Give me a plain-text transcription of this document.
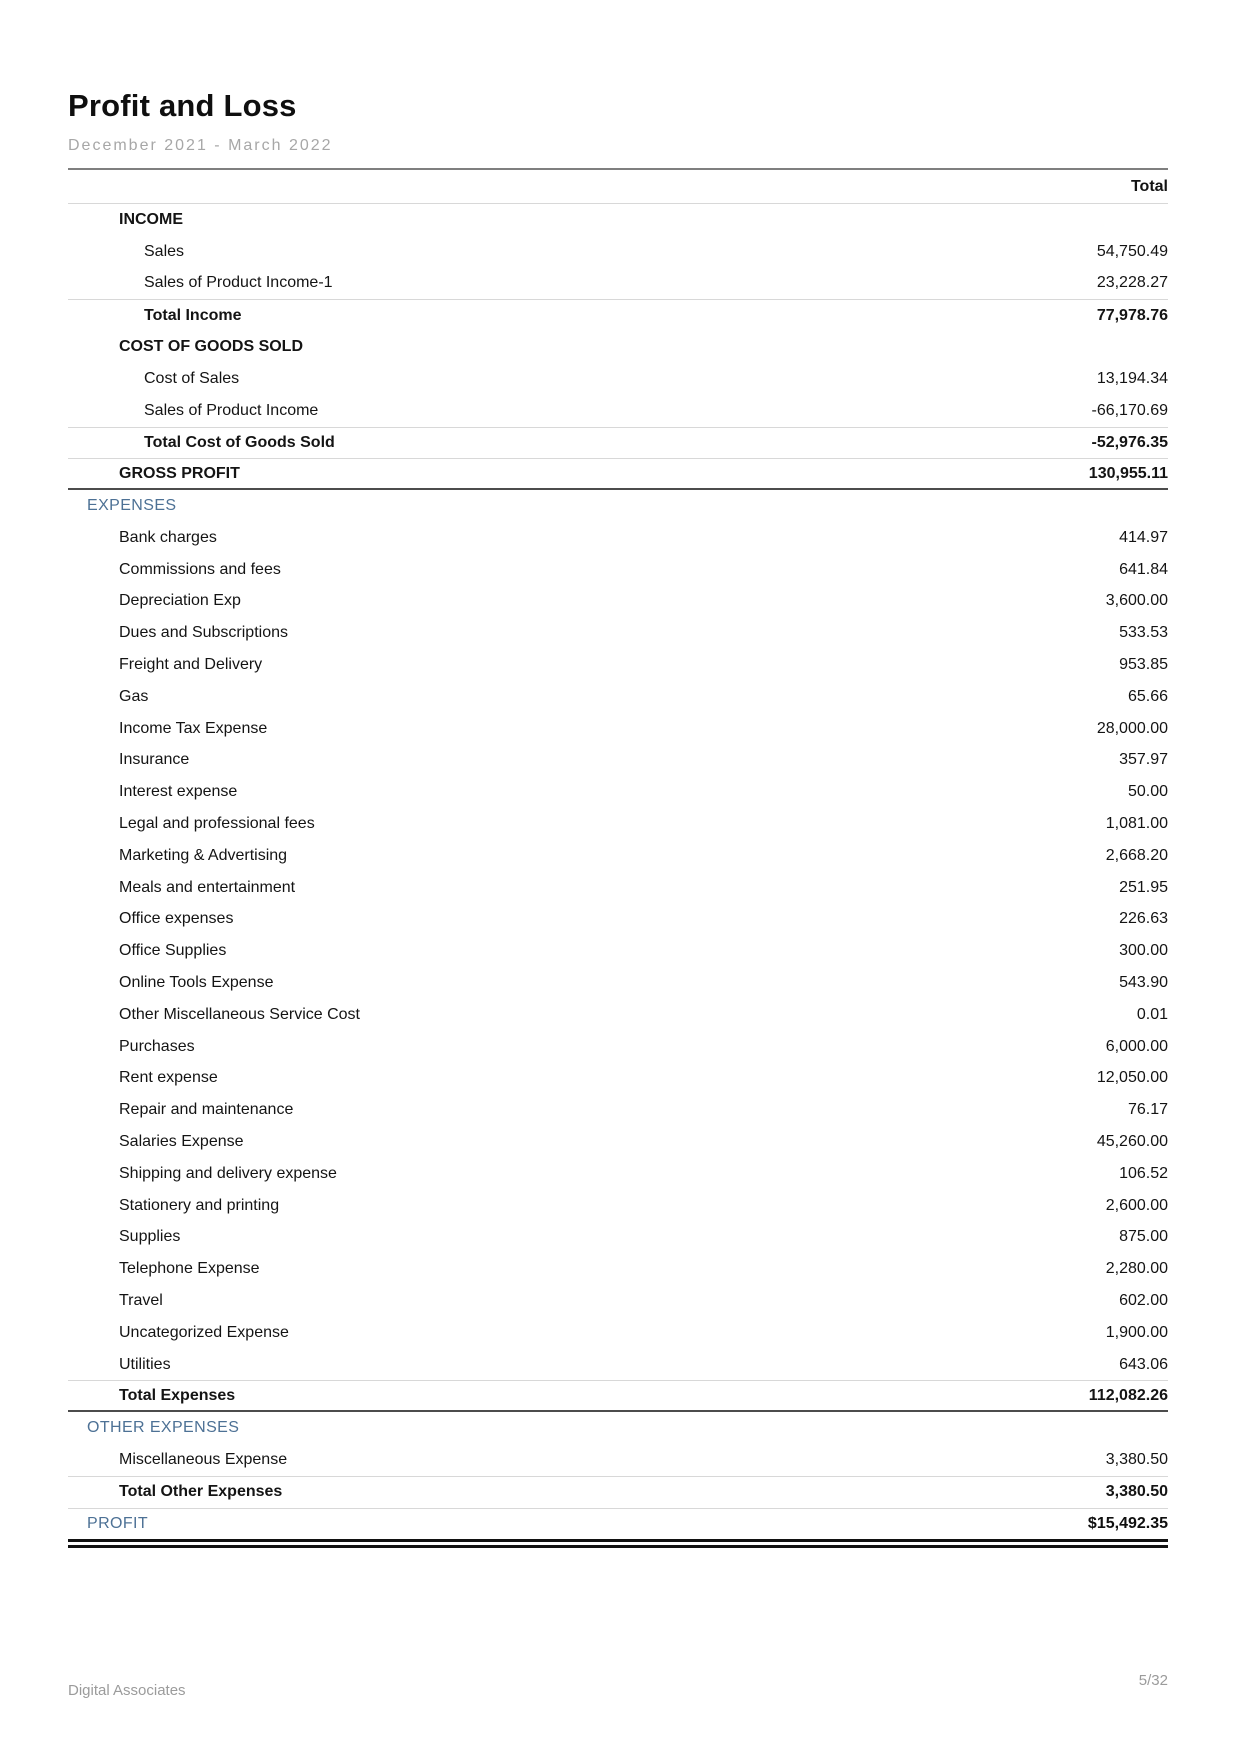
Profit and Loss
December 2021 - March 2022
Total
INCOME
Sales	54,750.49
Sales of Product Income-1	23,228.27
Total Income	77,978.76
COST OF GOODS SOLD
Cost of Sales	13,194.34
Sales of Product Income	-66,170.69
Total Cost of Goods Sold	-52,976.35
GROSS PROFIT	130,955.11
EXPENSES
Bank charges	414.97
Commissions and fees	641.84
Depreciation Exp	3,600.00
Dues and Subscriptions	533.53
Freight and Delivery	953.85
Gas	65.66
Income Tax Expense	28,000.00
Insurance	357.97
Interest expense	50.00
Legal and professional fees	1,081.00
Marketing & Advertising	2,668.20
Meals and entertainment	251.95
Office expenses	226.63
Office Supplies	300.00
Online Tools Expense	543.90
Other Miscellaneous Service Cost	0.01
Purchases	6,000.00
Rent expense	12,050.00
Repair and maintenance	76.17
Salaries Expense	45,260.00
Shipping and delivery expense	106.52
Stationery and printing	2,600.00
Supplies	875.00
Telephone Expense	2,280.00
Travel	602.00
Uncategorized Expense	1,900.00
Utilities	643.06
Total Expenses	112,082.26
OTHER EXPENSES
Miscellaneous Expense	3,380.50
Total Other Expenses	3,380.50
PROFIT	$15,492.35
Digital Associates
5/32
